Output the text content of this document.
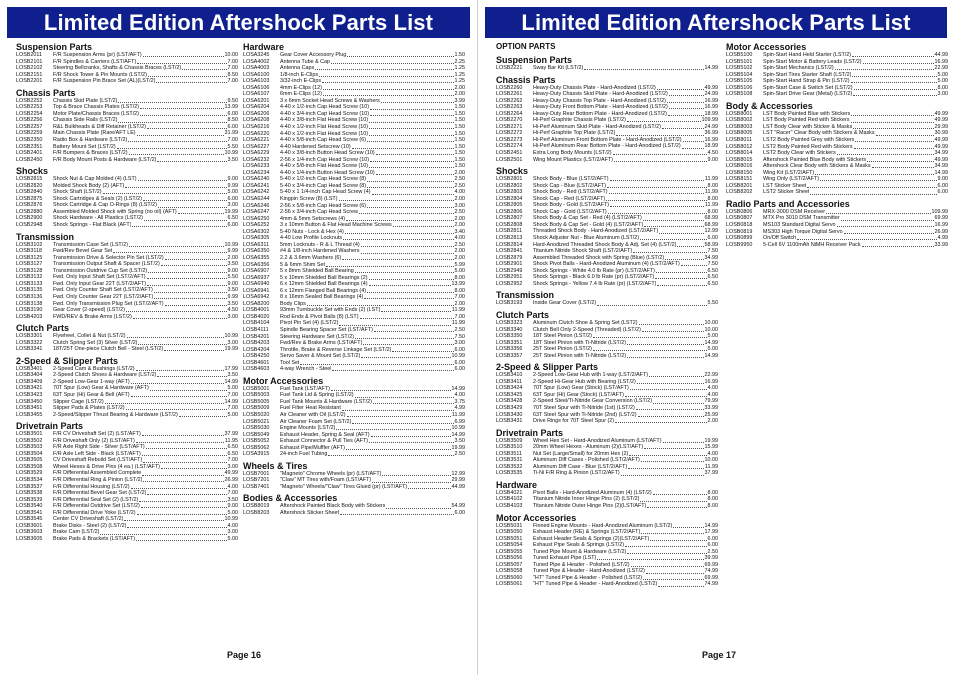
Limited Edition Aftershock Parts List
Suspension Parts
LOSB2011	F/R Suspension Arms (pr) (LST/AFT)	10.00
LOSB2101	F/R Spindles & Carriers (LST/AFT)	7.00
LOSB2102	Steering Bellcranks, Shafts & Chassis Braces (LST/2)	7.00
LOSB2151	F/R Shock Tower & Pin Mounts (LST/2)	8.50
LOSB2201	F/R Suspension Pin Brace Set (AL)(LST/2)	7.00
Chassis Parts
LOSB2252	Chassis Skid Plate (LST/2)	9.50
LOSB2253	Top & Brace Chassis Plates (LST/2)	13.99
LOSB2254	Motor Plate/Chassis Braces (LST/2)	6.00
LOSB2256	Chassis Side Rails (LST/2)	8.50
LOSB2257	R&L Bulkheads & Diff Retainer (LST/2)	6.00
LOSB2259	Main Chassis Plate (Rare/AFT LE)	31.99
LOSB2350	Radio Box & Hardware (LST/2)	7.00
LOSB2351	Battery Mount Set (LST/2)	5.50
LOSB2401	F/R Bumpers & Braces (LST/2)	10.99
LOSB2450	F/R Body Mount Posts & Hardware (LST/2)	3.50
Shocks
LOSB2815	Shock Nut & Cap Molded (4) (LST)	9.00
LOSB2820	Molded Shock Body (2) (AFT)	9.99
LOSB2840	Shock Shaft (LST/2)	5.00
LOSB2875	Shock Cartridges & Seals (2) (LST/2)	6.00
LOSB2876	Shock Cartridge & Cap O-Rings (8) (LST/2)	3.00
LOSB2880	Assembled Molded Shock with Spring (no oil) (AFT)	19.99
LOSB2900	Shock Hardware - All Plastics (LST/2)	6.50
LOSB2948	Shock Springs - Flat Black (AFT)	6.00
Transmission
LOSB3102	Transmission Case Set (LST/2)	10.99
LOSB3118	Fwd/Rev Bevel Gear Set	9.99
LOSB3125	Transmission Drive & Selector Pin Set (LST/2)	2.00
LOSB3127	Transmission Output Shaft & Spacer (LST/2)	3.50
LOSB3128	Transmission Outdrive Cup Set (LST/2)	9.00
LOSB3132	Fwd. Only Input Shaft Set (LST/2/AFT)	5.50
LOSB3133	Fwd. Only Input Gear 22T (LST/2/AFT)	9.00
LOSB3135	Fwd. Only Counter Shaft Set (LST/2/AFT)	3.50
LOSB3136	Fwd. Only Counter Gear 22T (LST/2/AFT)	9.99
LOSB3138	Fwd. Only Transmission Plug Set (LST/2/AFT)	3.50
LOSB3190	Gear Cover (2-speed) (LST/2)	4.50
LOSB4203	FWD/REV & Brake Arms (LST/2)	3.00
Clutch Parts
LOSB3301	Flywheel, Collet & Nut (LST/2)	10.99
LOSB3322	Clutch Spring Set (3) Silver (LST/2)	3.00
LOSB3341	18T/25T One-piece Clutch Bell - Steel (LST/2)	19.99
2-Speed & Slipper Parts
LOSB3401	2-Speed Cam & Bushings (LST/2)	17.99
LOSB3404	2-Speed Clutch Shoes & Hardware (LST/2)	3.50
LOSB3409	2-Speed Low-Gear 1-way (AFT)	14.99
LOSB3421	70T Spur (Low) Gear & Hardware (AFT)	5.00
LOSB3423	63T Spur (Hi) Gear & Bell (AFT)	7.00
LOSB3450	Slipper Cage (LST/2)	14.99
LOSB3451	Slipper Pads & Plates (LST/2)	7.00
LOSB3455	2-Speed/Slipper Thrust Bearing & Hardware (LST/2)	5.00
Drivetrain Parts
LOSB3501	F/R CV Driveshaft Set (2) (LST/AFT)	37.99
LOSB3502	F/R Driveshaft Only (2) (LST/AFT)	11.95
LOSB3503	F/R Axle Right Side - Silver (LST/AFT)	6.50
LOSB3504	F/R Axle Left Side - Black (LST/AFT)	6.50
LOSB3505	CV Driveshaft Rebuild Set (LST/AFT)	7.00
LOSB3508	Wheel Hexes & Drive Pins (4 ea.) (LST/AFT)	3.00
LOSB3529	F/R Differential Assembled Complete	49.99
LOSB3534	F/R Differential Ring & Pinion (LST/2)	26.99
LOSB3537	F/R Differential Housing (LST/2)	4.00
LOSB3538	F/R Differential Bevel Gear Set (LST/2)	7.00
LOSB3539	F/R Differential Seal Set (2) (LST/2)	3.50
LOSB3540	F/R Differential Outdrive Set (LST/2)	9.00
LOSB3541	F/R Differential Drive Yoke (LST/2)	5.00
LOSB3545	Center CV Driveshaft (LST/2)	10.99
LOSB3601	Brake Disks - Steel (2) (LST/2)	4.00
LOSB3603	Brake Cam (LST/2)	3.00
LOSB3605	Brake Pads & Brackets (LST/AFT)	5.00
Hardware
LOSA3245	Gear Cover Accessory Plug	1.50
LOSA4002	Antenna Tube & Cap	2.25
LOSA4003	Antenna Caps	1.25
LOSA6100	1/8-inch E-Clips	1.25
LOSA6103	3/32-inch E-Clips	1.25
LOSA6106	4mm E-Clips (12)	2.00
LOSA6107	6mm E-Clips (12)	2.00
LOSA6201	3 x 6mm Socket Head Screws & Washers	3.99
LOSA6204	4-40 x 1/2-inch Cap Head Screw (10)	1.50
LOSA6206	4-40 x 3/4-inch Cap Head Screw (10)	1.50
LOSA6208	4-40 x 3/8-inch Flat Head Screw (10)	1.50
LOSA6216	4-40 x 1/2-inch Flat Head Screw (10)	1.50
LOSA6220	4-40 x 1/2-inch Flat Head Screw (10)	1.50
LOSA6221	4-40 x 5/8-inch Cap Head Screw (6)	1.50
LOSA6227	4-40 Hardened Setscrew (10)	1.50
LOSA6229	4-40 x 3/8-inch Button Head Screw (10)	1.50
LOSA6232	2-56 x 1/4-inch Cap Head Screw (10)	1.50
LOSA6233	4-40 x 5/8-inch Flat Head Screw (10)	1.50
LOSA6234	4-40 x 1/4-inch Button Head Screw (10)	2.00
LOSA6240	5-40 x 1/2-inch Cap Head Screw (8)	2.50
LOSA6241	5-40 x 3/4-inch Cap Head Screw (8)	2.50
LOSA6242	5-40 x 1 1/4-inch Cap Head Screw (4)	4.00
LOSA6244	Kingpin Screw (8) (LST)	2.00
LOSA6246	2-56 x 5/8-inch Cap Head Screw (6)	3.00
LOSA6247	2-56 x 3/4-inch Cap Head Screw	2.50
LOSA6250	4mm & 5mm Setscrews (4)	2.00
LOSA6252	3 x 10mm Button & Flat Head Machine Screws	2.00
LOSA6302	5-40 Nuts - Lock & Hex (4)	3.40
LOSA6305	4-40 Low Profile Locknuts	4.00
LOSA6311	5mm Locknuts - R & L Thread (4)	2.50
LOSA6350	#4 & 1/8-inch Hardened Washers	2.00
LOSA6355	2.2 & 3.6mm Washers (6)	2.00
LOSA6356	5 & 6mm Shim Set	5.99
LOSA6907	5 x 8mm Shielded Ball Bearing	5.00
LOSA6937	5 x 10mm Shielded Ball Bearings (2)	8.00
LOSA6940	6 x 12mm Shielded Ball Bearings (4)	13.99
LOSA6941	6 x 12mm Flanged Ball Bearings (4)	8.00
LOSA6942	8 x 16mm Sealed Ball Bearings (4)	7.00
LOSA8200	Body Clips	2.00
LOSB4001	93mm Turnbuckle Set with Ends (2) (LST)	11.99
LOSB4020	Rod Ends & Pivot Balls (8) (LST)	7.00
LOSB4104	Pivot Pin Set (4) (LST/2)	11.99
LOSB4111	Spindle Bearing Spacer Set (LST/AFT)	2.50
LOSB4201	Steering Hardware Set (LST/2)	7.50
LOSB4203	Fwd/Rev & Brake Arms (LST/AFT)	3.00
LOSB4204	Throttle, Brake & Reverse Linkage Set (LST/2)	6.00
LOSB4250	Servo Saver & Mount Set (LST/2)	10.99
LOSB4601	Tool Set	6.00
LOSB4603	4-way Wrench - Steel	6.00
Motor Accessories
LOSB5001	Fuel Tank (LST/AFT)	14.99
LOSB5003	Fuel Tank Lid & Spring (LST/2)	4.00
LOSB5005	Fuel Tank Mounts & Hardware (LST/2)	3.75
LOSB5009	Fuel Filter Heat Resistant	4.99
LOSB5020	Air Cleaner with Oil (LST/2)	11.99
LOSB5021	Air Cleaner Foam Set (LST/2)	6.99
LOSB5030	Engine Mounts (LST/2)	10.99
LOSB5049	Exhaust Header, Spring & Seal (AFT)	14.99
LOSB5052	Exhaust Connector & Pull Ties (AFT)	3.50
LOSB5062	Exhaust Pipe/Muffler (AFT)	19.99
LOSA3915	24-inch Fuel Tubing	2.50
Wheels & Tires
LOSB7001	"Magneto" Chrome Wheels (pr) (LST/AFT)	12.99
LOSB7201	"Claw" MT Tires with/Foam (LST/AFT)	29.99
LOSB7401	"Magneto" Wheels/"Claw" Tires Glued (pr) (LST/AFT)	44.99
Bodies & Accessories
LOSB8019	Aftershock Painted Black Body with Stickers	54.99
LOSB8203	Aftershock Sticker Sheet	6.00
Page 16
Limited Edition Aftershock Parts List
OPTION PARTS
Suspension Parts
LOSB2221	Sway Bar Kit (LST/2)	14.99
Chassis Parts
LOSB2260	Heavy-Duty Chassis Plate - Hard-Anodized (LST/2)	49.99
LOSB2261	Heavy-Duty Chassis Skid Plate - Hard-Anodized (LST/2)	24.99
LOSB2262	Heavy-Duty Chassis Top Plate - Hard-Anodized (LST/2)	16.99
LOSB2263	Heavy-Duty Front Bottom Plate - Hard-Anodized (LST/2)	16.99
LOSB2264	Heavy-Duty Rear Bottom Plate - Hard-Anodized (LST/2)	18.99
LOSB2270	Hi-Perf Graphite Chassis Plate (LST/2)	109.99
LOSB2271	Hi-Perf Aluminum Skid Plate - Hard-Anodized (LST/2)	24.99
LOSB2272	Hi-Perf Graphite Top Plate (LST/2)	36.99
LOSB2273	Hi-Perf Aluminum Front Bottom Plate - Hard-Anodized (LST/2)	16.99
LOSB2274	Hi-Perf Aluminum Rear Bottom Plate - Hard-Anodized (LST/2)	18.99
LOSB2451	Extra Long Body Mounts (LST/2)	4.50
LOSB2501	Wing Mount Plastics (LST/2/AFT)	9.00
Shocks
LOSB2801	Shock Body - Blue (LST/2/AFT)	11.99
LOSB2802	Shock Cap - Blue (LST/2/AFT)	8.00
LOSB2803	Shock Body - Red (LST/2/AFT)	11.99
LOSB2804	Shock Cap - Red (LST/2/AFT)	8.00
LOSB2805	Shock Body - Gold (LST/2/AFT)	11.99
LOSB2806	Shock Cap - Gold (LST/2/AFT)	8.00
LOSB2807	Shock Body & Cap Set - Red (4) (LST/2/AFT)	68.99
LOSB2808	Shock Body & Cap Set - Gold (4) (LST/2/AFT)	68.99
LOSB2811	Threaded Shock Body - Hard-Anodized (LST/2/AFT)	12.99
LOSB2813	Shock Adjuster Nut - Blue Aluminum (LST/2)	6.00
LOSB2814	Hard-Anodized Threaded Shock Body & Adj. Set (4) (LST/2)	58.99
LOSB2841	Titanium Nitride Shock Shaft (LST/2/AFT)	7.50
LOSB2879	Assembled Threaded Shock with Spring (Blue) (LST/2)	34.99
LOSB2901	Shock Pivot Balls - Hard-Anodized Aluminum (4) (LST/2/AFT)	7.50
LOSB2949	Shock Springs - White 4.0 lb Rate (pr) (LST/2/AFT)	6.50
LOSB2951	Shock Springs - Black 6.0 lb Rate (pr) (LST/2/AFT)	6.50
LOSB2952	Shock Springs - Yellow 7.4 lb Rate (pr) (LST/2/AFT)	6.50
Transmission
LOSB3193	Inside Gear Cover (LST/2)	5.50
Clutch Parts
LOSB3323	Aluminum Clutch Shoe & Spring Set (LST2)	10.00
LOSB3340	Clutch Bell Only 2-Speed (Threaded) (LST/2)	10.00
LOSB3350	18T Steel Pinion (LST/2)	5.00
LOSB3351	18T Steel Pinion with Ti-Nitride (LST/2)	14.99
LOSB3356	25T Steel Pinion (LST/2)	5.00
LOSB3357	25T Steel Pinion with Ti-Nitride (LST/2)	14.99
2-Speed & Slipper Parts
LOSB3410	2-Speed Low-Gear Hub with 1-way (LST/2/AFT)	22.99
LOSB3411	2-Speed Hi-Gear Hub with Bearing (LST/2)	16.99
LOSB3424	70T Spur (Low) Gear (Stock) (LST/AFT)	4.00
LOSB3425	63T Spur (Hi) Gear (Stock) (LST/AFT)	4.00
LOSB3428	2-Speed Steel/Ti-Nitride Gear Conversion (LST/2)	79.99
LOSB3429	70T Steel Spur with Ti-Nitride (1st) (LST/2)	33.99
LOSB3430	63T Steel Spur with Ti-Nitride (2nd) (LST/2)	25.99
LOSB3431	Drive Rings for 70T Steel Spur (2)	2.00
Drivetrain Parts
LOSB3509	Wheel Hex Set - Hard-Anodized Aluminum (LST/AFT)	19.99
LOSB3510	20mm Wheel Hexes - Aluminum (2)(LST/AFT)	15.99
LOSB3511	Nut Set (Large/Small) for 20mm Hex (2)	4.00
LOSB3531	Aluminum Diff Cases - Polished (LST/2/AFT)	10.00
LOSB3532	Aluminum Diff Case - Blue (LST/2/AFT)	11.99
LOSB3535	Ti-Ni F/R Ring & Pinion (LST/2/AFT)	37.99
Hardware
LOSB4021	Pivot Balls - Hard-Anodized Aluminum (4) (LST/2)	8.00
LOSB4102	Titanium Nitride Inner Hinge Pins (2) (LST/2)	8.00
LOSB4103	Titanium Nitride Outer Hinge Pins (2)(LST/AFT)	8.00
Motor Accessories
LOSB5031	Finned Engine Mounts - Hard-Anodized Aluminum (LST/2)	14.99
LOSB5050	Exhaust Header (RE) & Springs (LST/2/AFT)	17.99
LOSB5051	Exhaust Header Seals & Springs (2)(LST/2/AFT)	6.00
LOSB5054	Exhaust Pipe Seals & Springs (LST/2)	6.00
LOSB5055	Tuned Pipe Mount & Hardware (LST/2)	2.50
LOSB5056	Tuned Exhaust Pipe (LST)	39.99
LOSB5057	Tuned Pipe & Header - Polished (LST/2)	69.99
LOSB5058	Tuned Pipe & Header - Hard-Anodized (LST/2)	74.99
LOSB5060	"HT" Tuned Pipe & Header - Polished (LST/2)	69.99
LOSB5061	"HT" Tuned Pipe & Header - Hard-Anodized (LST/2)	74.99
Motor Accessories
LOSB5100	Spin-Start Hand Held Starter (LST/2)	44.99
LOSB5101	Spin-Start Motor & Battery Leads (LST/2)	16.99
LOSB5102	Spin-Start Mechanics (LST/2)	22.99
LOSB5104	Spin-Start Tires Starter Shaft (LST/2)	5.00
LOSB5105	Spin-Start Hand Strap & Pin (LST/2)	5.00
LOSB5106	Spin-Start Case & Switch Set (LST/2)	8.00
LOSB5108	Spin-Start Drive Gear (Metal) (LST/2)	3.00
Body & Accessories
LOSB8001	LST Body Painted Blue with Stickers	49.99
LOSB8002	LST Body Painted Red with Stickers	49.99
LOSB8003	LST Body Clear with Sticker & Masks	29.99
LOSB8005	LST "Racer" Clear Body with Stickers & Masks	30.99
LOSB8011	LST2 Body Painted Grey with Stickers	49.99
LOSB8012	LST2 Body Painted Red with Stickers	49.99
LOSB8014	LST2 Body Clear with Stickers	34.99
LOSB8015	Aftershock Painted Blue Body with Stickers	49.99
LOSB8016	Aftershock Clear Body with Stickers & Masks	34.99
LOSB8150	Wing Kit (LST/2/AFT)	14.99
LOSB8151	Wing Only (LST/2/AFT)	9.00
LOSB8201	LST Sticker Sheet	6.00
LOSB8202	LST2 Sticker Sheet	6.00
Radio Parts and Accessories
LOSB0806	MRX-3000 DSM Receiver	109.99
LOSB0807	MTX Pro 3010 DSM Transmitter	69.99
LOSB0818	MS103 Standard Digital Servo	16.99
LOSB0819	MS303 High Torque Digital Servo	26.99
LOSB0899	On/Off Switch	4.99
LOSB9950	5-Cell 6V 1100mAh NiMH Receiver Pack	33.99
Page 17
